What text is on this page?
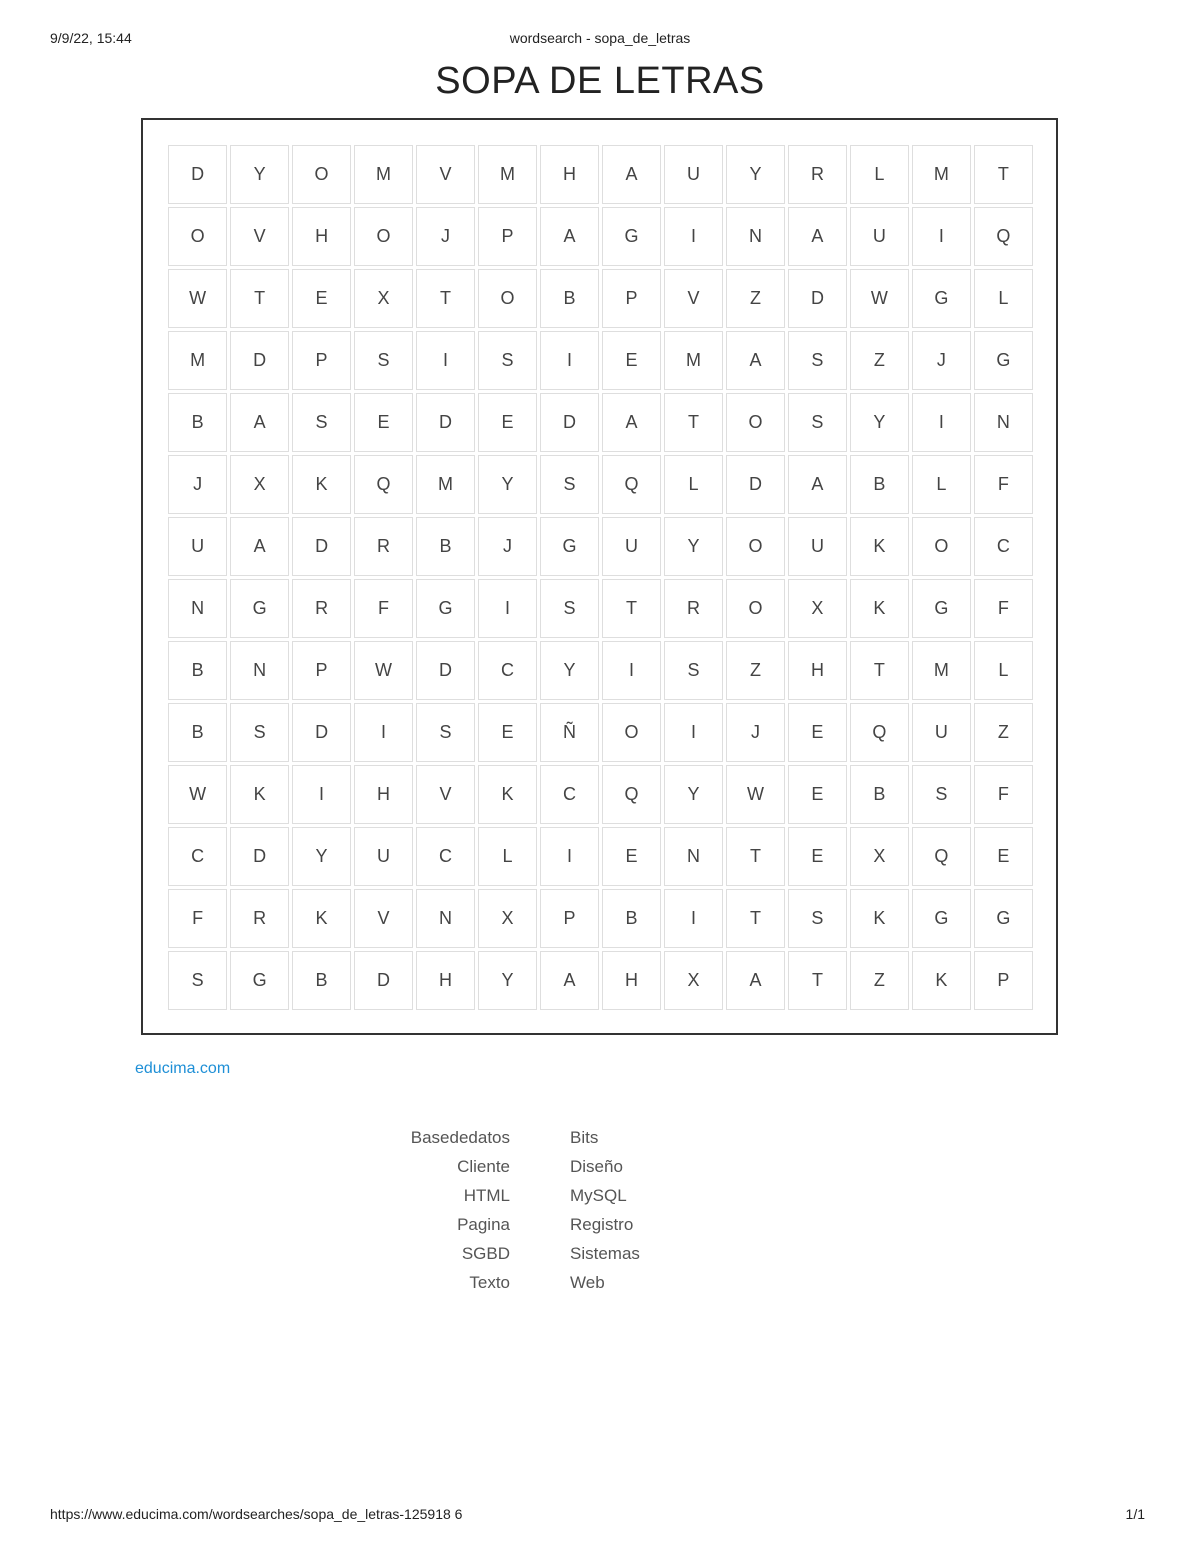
9/9/22, 15:44	wordsearch - sopa_de_letras
SOPA DE LETRAS
D	Y	O	M	V	M	H	A	U	Y	R	L	M	T
O	V	H	O	J	P	A	G	I	N	A	U	I	Q
W	T	E	X	T	O	B	P	V	Z	D	W	G	L
M	D	P	S	I	S	I	E	M	A	S	Z	J	G
B	A	S	E	D	E	D	A	T	O	S	Y	I	N
J	X	K	Q	M	Y	S	Q	L	D	A	B	L	F
U	A	D	R	B	J	G	U	Y	O	U	K	O	C
N	G	R	F	G	I	S	T	R	O	X	K	G	F
B	N	P	W	D	C	Y	I	S	Z	H	T	M	L
B	S	D	I	S	E	Ñ	O	I	J	E	Q	U	Z
W	K	I	H	V	K	C	Q	Y	W	E	B	S	F
C	D	Y	U	C	L	I	E	N	T	E	X	Q	E
F	R	K	V	N	X	P	B	I	T	S	K	G	G
S	G	B	D	H	Y	A	H	X	A	T	Z	K	P
educima.com
Basededatos	Bits
Cliente	Diseño
HTML	MySQL
Pagina	Registro
SGBD	Sistemas
Texto	Web
https://www.educima.com/wordsearches/sopa_de_letras-125918 6	1/1
